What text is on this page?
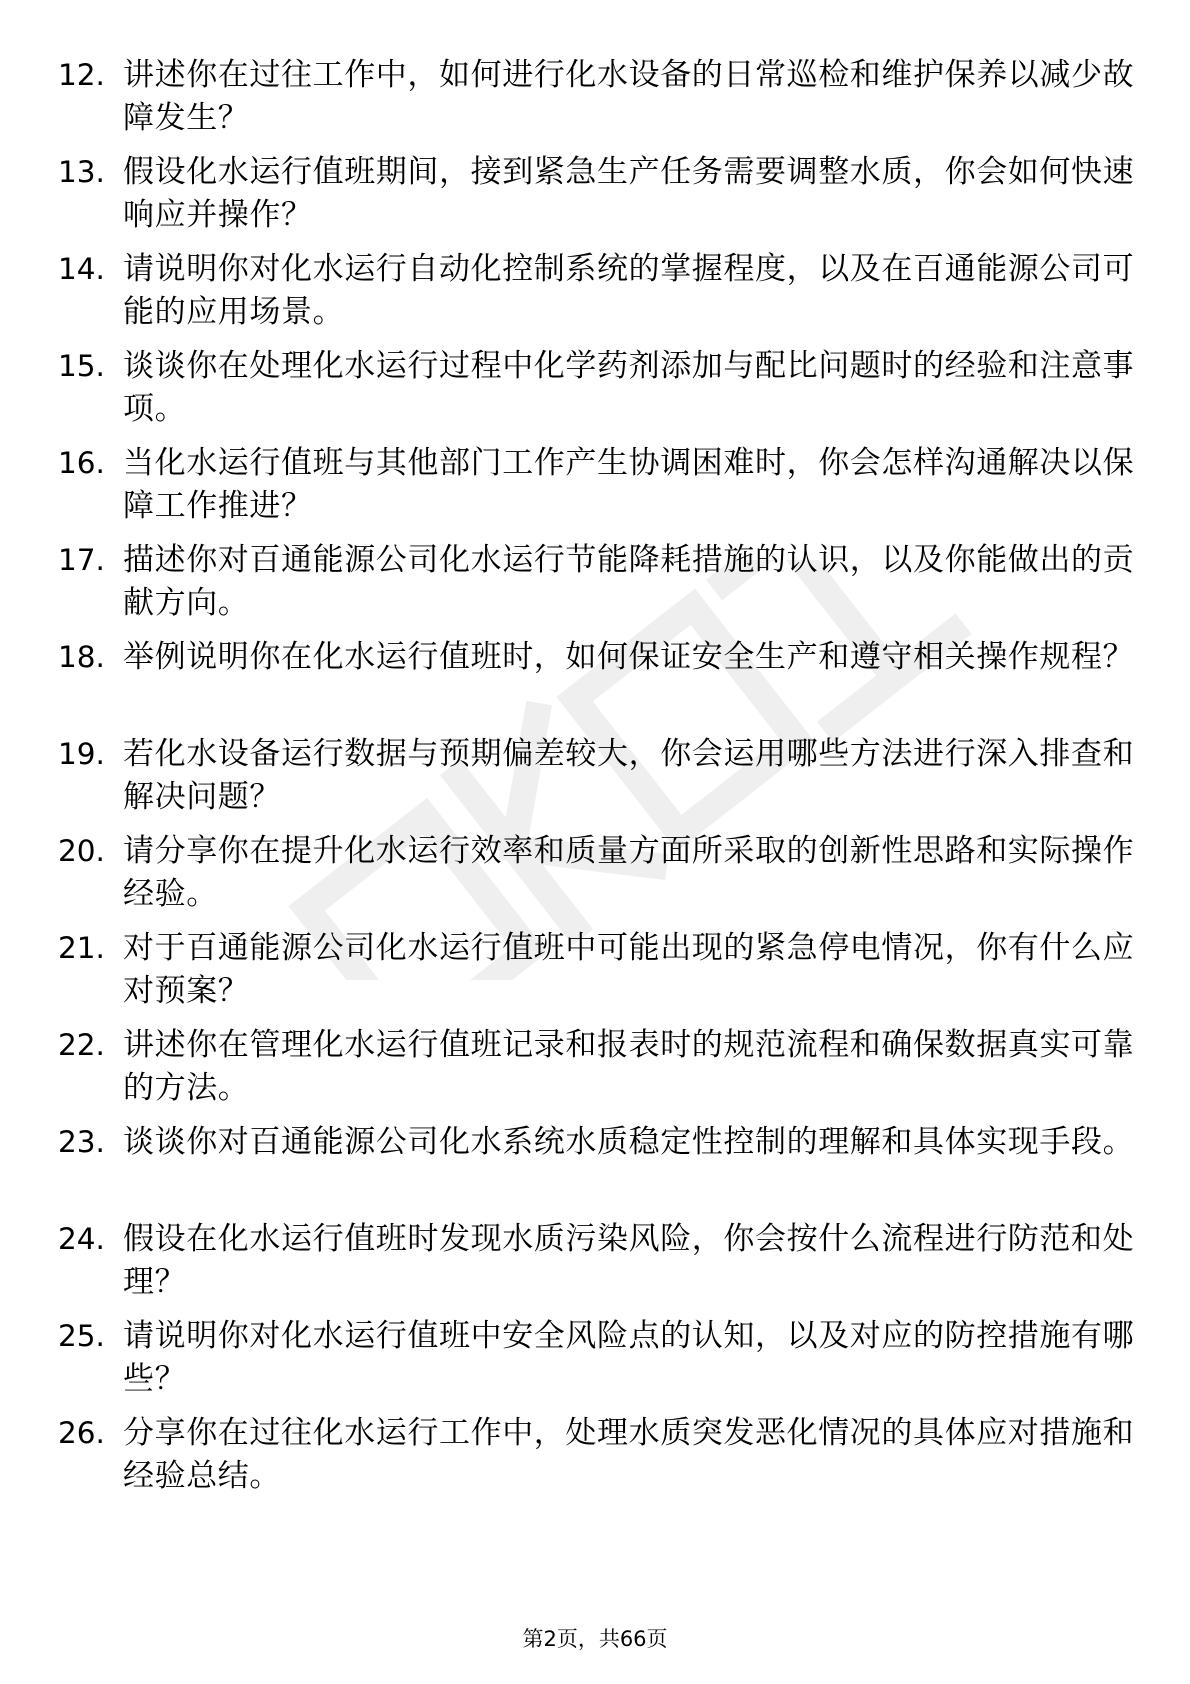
12. 讲述你在过往工作中，如何进行化水设备的日常巡检和维护保养以减少故障发生？
13. 假设化水运行值班期间，接到紧急生产任务需要调整水质，你会如何快速响应并操作？
14. 请说明你对化水运行自动化控制系统的掌握程度，以及在百通能源公司可能的应用场景。
15. 谈谈你在处理化水运行过程中化学药剂添加与配比问题时的经验和注意事项。
16. 当化水运行值班与其他部门工作产生协调困难时，你会怎样沟通解决以保障工作推进？
17. 描述你对百通能源公司化水运行节能降耗措施的认识，以及你能做出的贡献方向。
18. 举例说明你在化水运行值班时，如何保证安全生产和遵守相关操作规程？
19. 若化水设备运行数据与预期偏差较大，你会运用哪些方法进行深入排查和解决问题？
20. 请分享你在提升化水运行效率和质量方面所采取的创新性思路和实际操作经验。
21. 对于百通能源公司化水运行值班中可能出现的紧急停电情况，你有什么应对预案？
22. 讲述你在管理化水运行值班记录和报表时的规范流程和确保数据真实可靠的方法。
23. 谈谈你对百通能源公司化水系统水质稳定性控制的理解和具体实现手段。
24. 假设在化水运行值班时发现水质污染风险，你会按什么流程进行防范和处理？
25. 请说明你对化水运行值班中安全风险点的认知，以及对应的防控措施有哪些？
26. 分享你在过往化水运行工作中，处理水质突发恶化情况的具体应对措施和经验总结。
第2页，共66页
